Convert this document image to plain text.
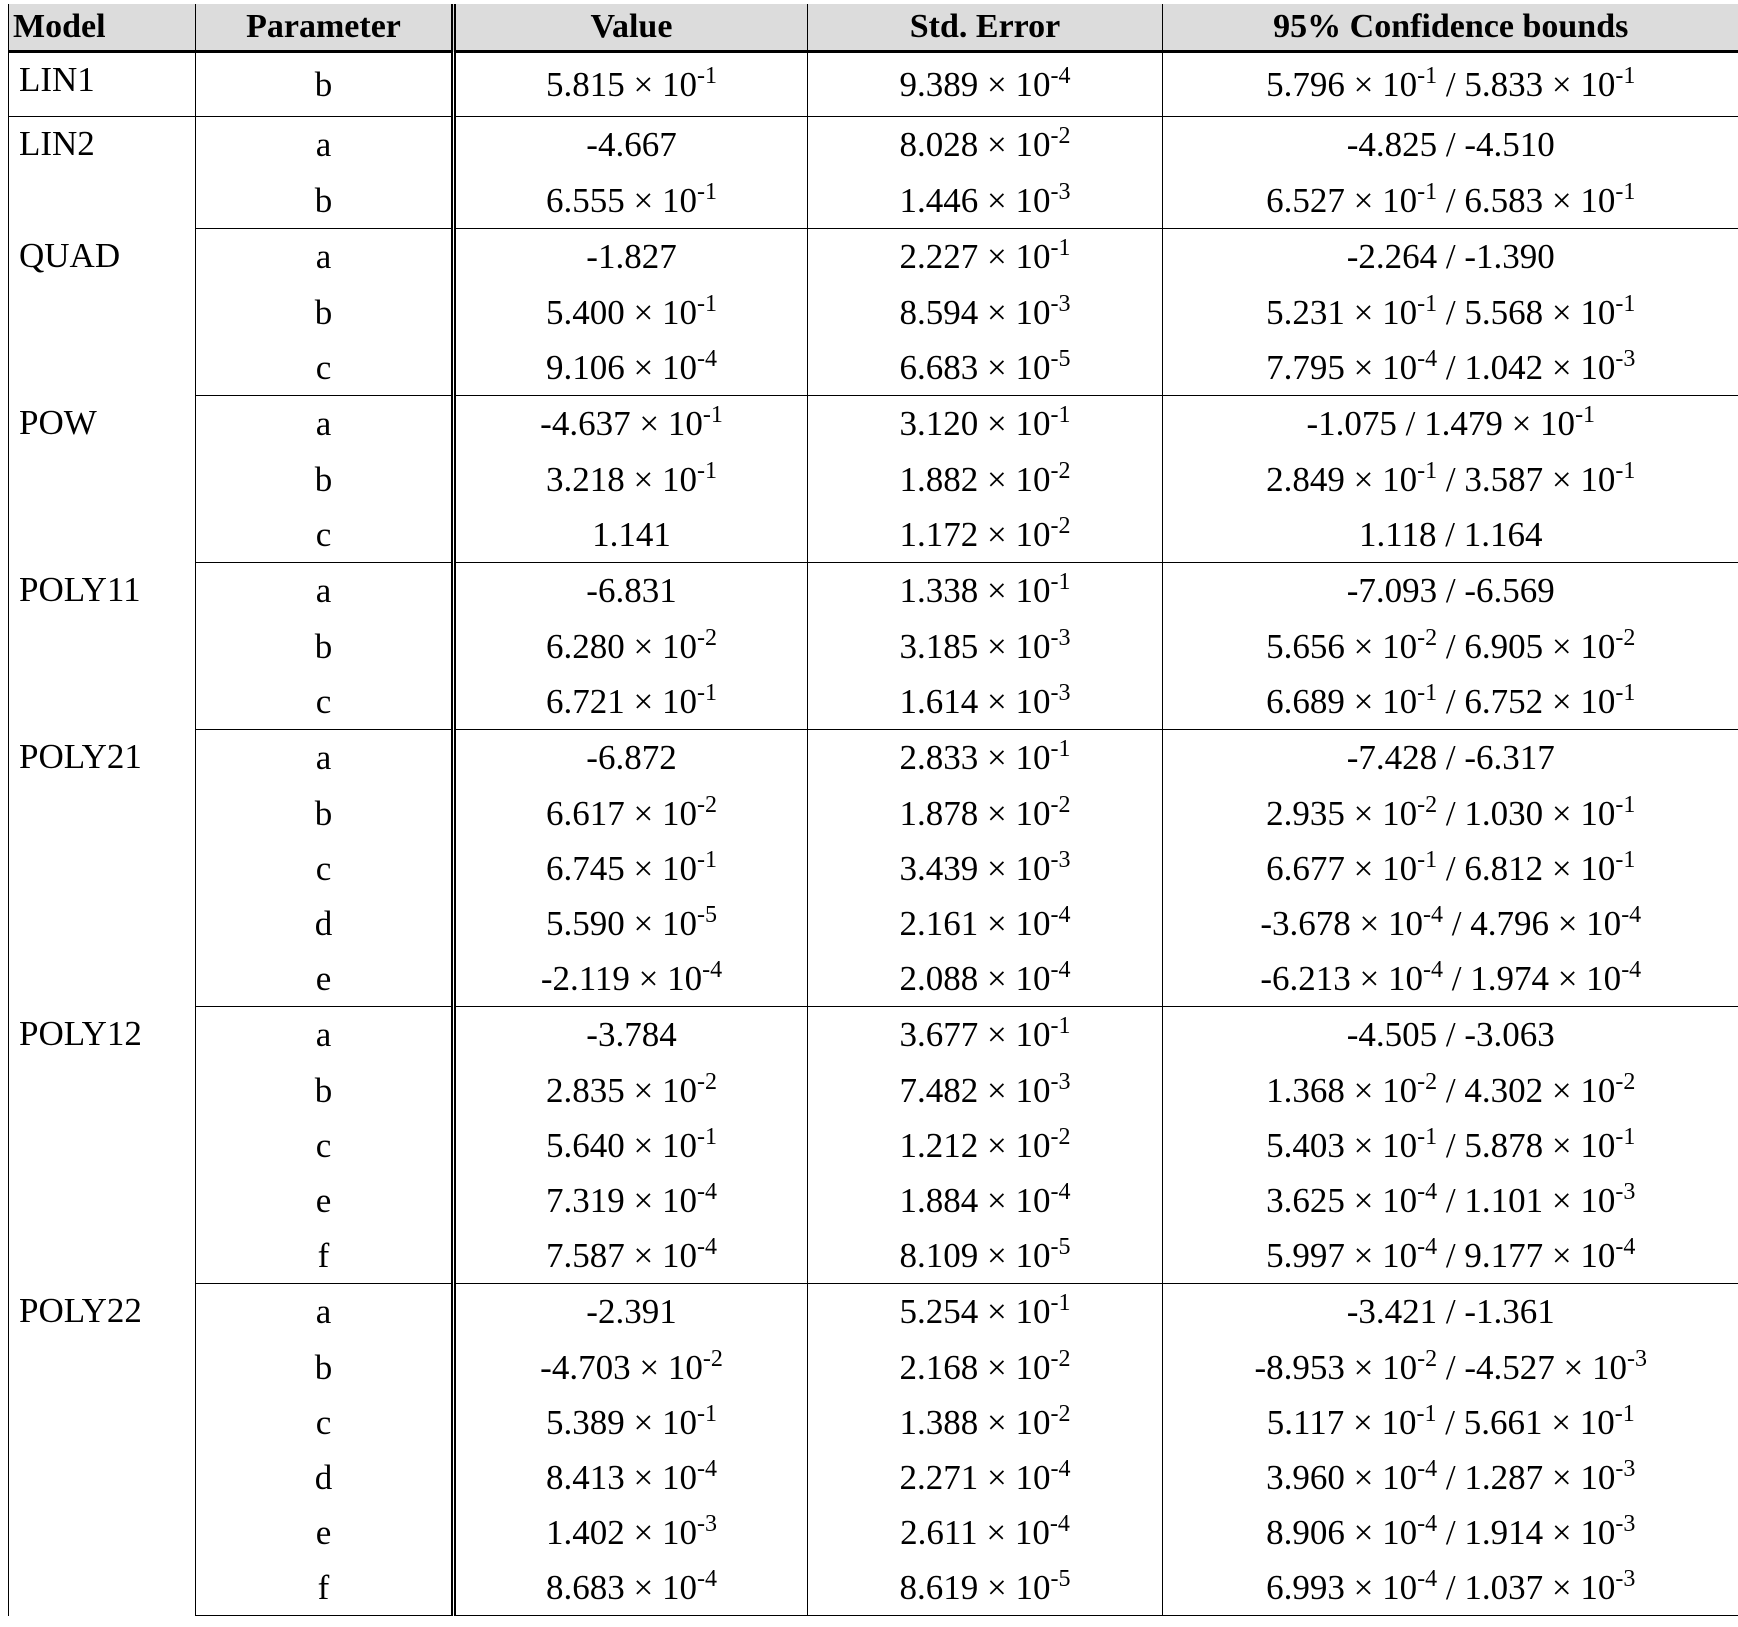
Model	Parameter	Value	Std. Error	95% Confidence bounds
LIN1	b	$5.815 \times 10^{-1}$	$9.389 \times 10^{-4}$	$5.796 \times 10^{-1} / 5.833 \times 10^{-1}$
LIN2	a	-4.667	$8.028 \times 10^{-2}$	-4.825 / -4.510
	b	$6.555 \times 10^{-1}$	$1.446 \times 10^{-3}$	$6.527 \times 10^{-1} / 6.583 \times 10^{-1}$
QUAD	a	-1.827	$2.227 \times 10^{-1}$	-2.264 / -1.390
	b	$5.400 \times 10^{-1}$	$8.594 \times 10^{-3}$	$5.231 \times 10^{-1} / 5.568 \times 10^{-1}$
	c	$9.106 \times 10^{-4}$	$6.683 \times 10^{-5}$	$7.795 \times 10^{-4} / 1.042 \times 10^{-3}$
POW	a	$-4.637 \times 10^{-1}$	$3.120 \times 10^{-1}$	$-1.075 / 1.479 \times 10^{-1}$
	b	$3.218 \times 10^{-1}$	$1.882 \times 10^{-2}$	$2.849 \times 10^{-1} / 3.587 \times 10^{-1}$
	c	1.141	$1.172 \times 10^{-2}$	1.118 / 1.164
POLY11	a	-6.831	$1.338 \times 10^{-1}$	-7.093 / -6.569
	b	$6.280 \times 10^{-2}$	$3.185 \times 10^{-3}$	$5.656 \times 10^{-2} / 6.905 \times 10^{-2}$
	c	$6.721 \times 10^{-1}$	$1.614 \times 10^{-3}$	$6.689 \times 10^{-1} / 6.752 \times 10^{-1}$
POLY21	a	-6.872	$2.833 \times 10^{-1}$	-7.428 / -6.317
	b	$6.617 \times 10^{-2}$	$1.878 \times 10^{-2}$	$2.935 \times 10^{-2} / 1.030 \times 10^{-1}$
	c	$6.745 \times 10^{-1}$	$3.439 \times 10^{-3}$	$6.677 \times 10^{-1} / 6.812 \times 10^{-1}$
	d	$5.590 \times 10^{-5}$	$2.161 \times 10^{-4}$	$-3.678 \times 10^{-4} / 4.796 \times 10^{-4}$
	e	$-2.119 \times 10^{-4}$	$2.088 \times 10^{-4}$	$-6.213 \times 10^{-4} / 1.974 \times 10^{-4}$
POLY12	a	-3.784	$3.677 \times 10^{-1}$	-4.505 / -3.063
	b	$2.835 \times 10^{-2}$	$7.482 \times 10^{-3}$	$1.368 \times 10^{-2} / 4.302 \times 10^{-2}$
	c	$5.640 \times 10^{-1}$	$1.212 \times 10^{-2}$	$5.403 \times 10^{-1} / 5.878 \times 10^{-1}$
	e	$7.319 \times 10^{-4}$	$1.884 \times 10^{-4}$	$3.625 \times 10^{-4} / 1.101 \times 10^{-3}$
	f	$7.587 \times 10^{-4}$	$8.109 \times 10^{-5}$	$5.997 \times 10^{-4} / 9.177 \times 10^{-4}$
POLY22	a	-2.391	$5.254 \times 10^{-1}$	-3.421 / -1.361
	b	$-4.703 \times 10^{-2}$	$2.168 \times 10^{-2}$	$-8.953 \times 10^{-2} / -4.527 \times 10^{-3}$
	c	$5.389 \times 10^{-1}$	$1.388 \times 10^{-2}$	$5.117 \times 10^{-1} / 5.661 \times 10^{-1}$
	d	$8.413 \times 10^{-4}$	$2.271 \times 10^{-4}$	$3.960 \times 10^{-4} / 1.287 \times 10^{-3}$
	e	$1.402 \times 10^{-3}$	$2.611 \times 10^{-4}$	$8.906 \times 10^{-4} / 1.914 \times 10^{-3}$
	f	$8.683 \times 10^{-4}$	$8.619 \times 10^{-5}$	$6.993 \times 10^{-4} / 1.037 \times 10^{-3}$
